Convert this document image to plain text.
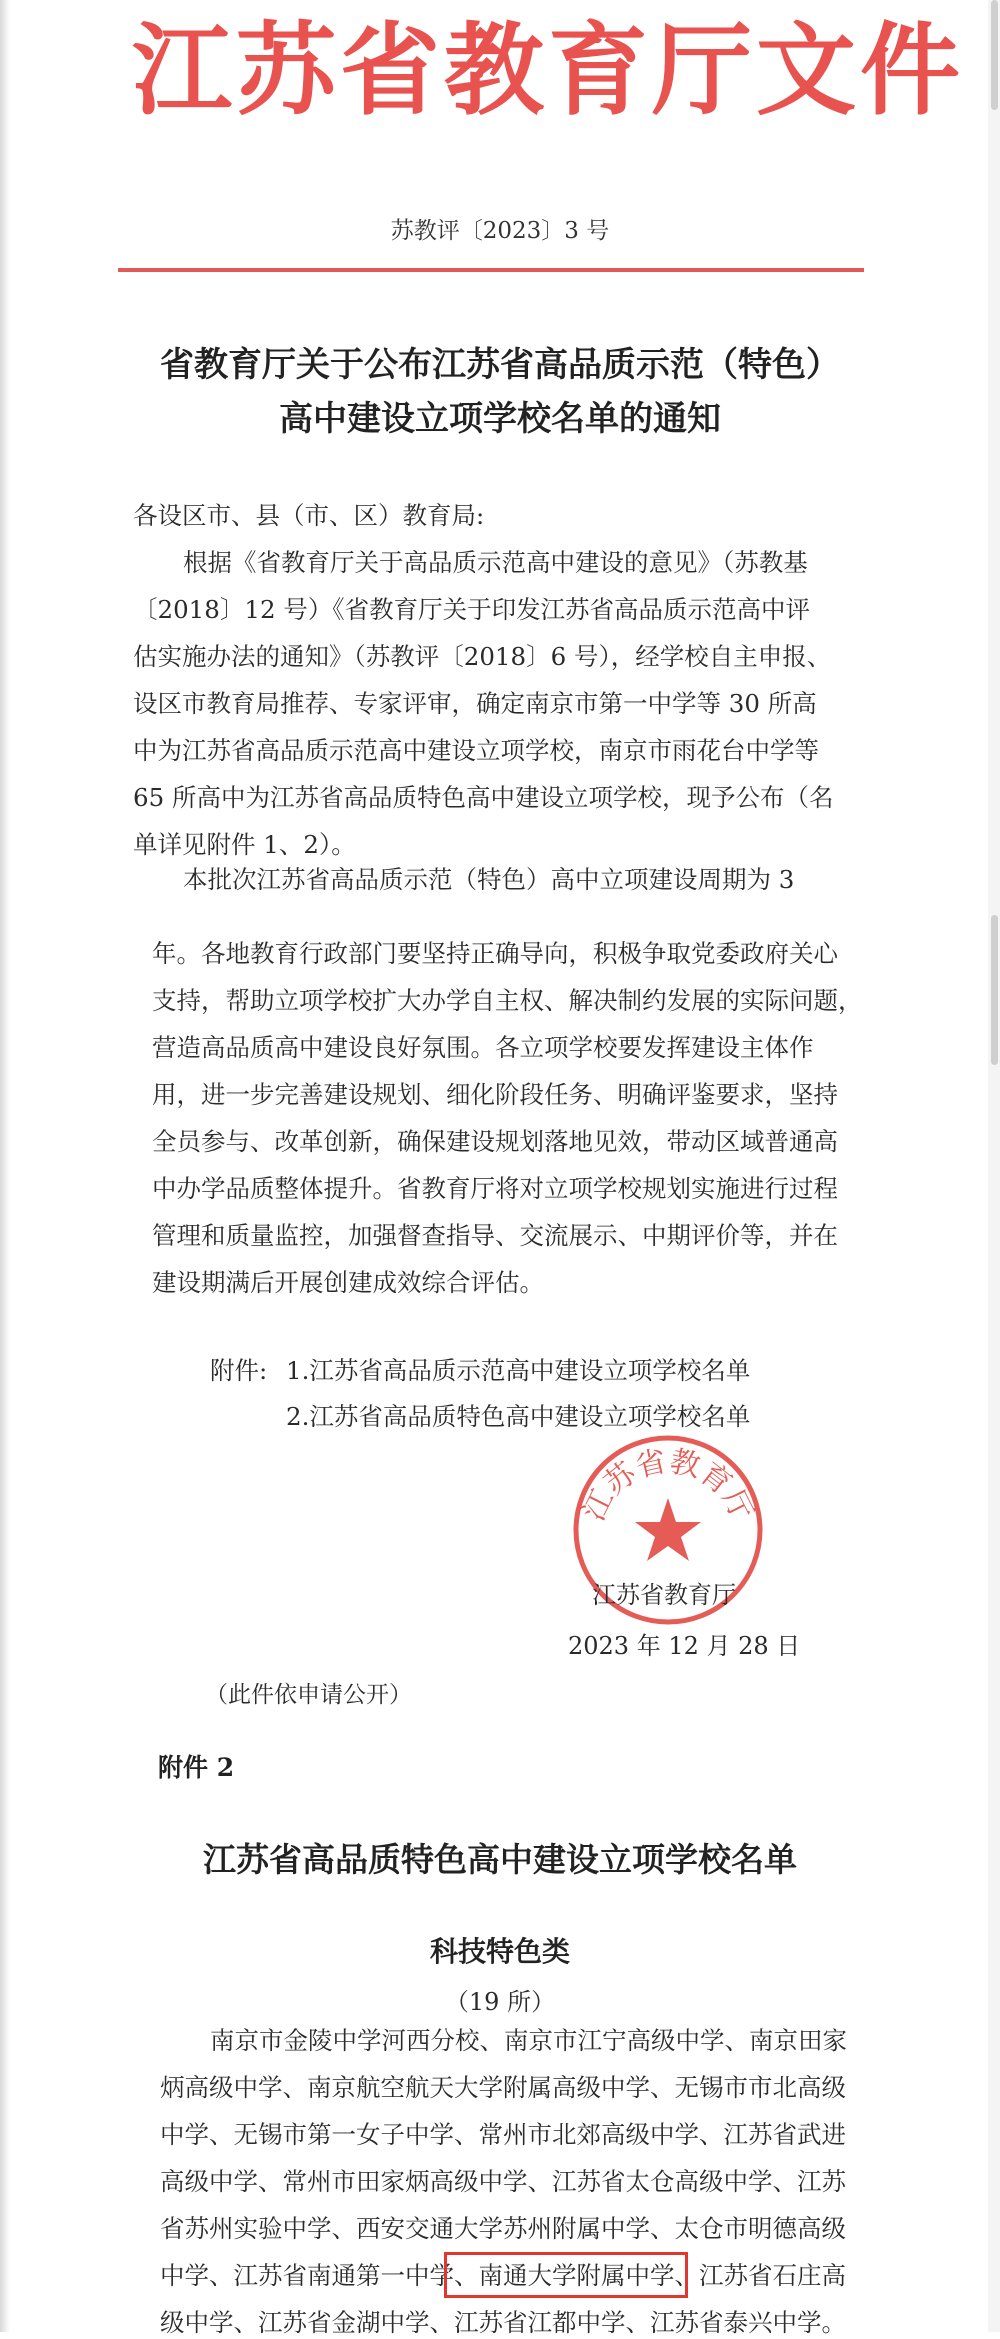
江苏省教育厅文件
苏教评〔2023〕3 号
省教育厅关于公布江苏省高品质示范（特色）
高中建设立项学校名单的通知
各设区市、县（市、区）教育局:
根据《省教育厅关于高品质示范高中建设的意见》（苏教基
〔2018〕12 号）《省教育厅关于印发江苏省高品质示范高中评
估实施办法的通知》（苏教评〔2018〕6 号），经学校自主申报、
设区市教育局推荐、专家评审，确定南京市第一中学等 30 所高
中为江苏省高品质示范高中建设立项学校，南京市雨花台中学等
65 所高中为江苏省高品质特色高中建设立项学校，现予公布（名
单详见附件 1、2）。
本批次江苏省高品质示范（特色）高中立项建设周期为 3
年。各地教育行政部门要坚持正确导向，积极争取党委政府关心
支持，帮助立项学校扩大办学自主权、解决制约发展的实际问题，
营造高品质高中建设良好氛围。各立项学校要发挥建设主体作
用，进一步完善建设规划、细化阶段任务、明确评鉴要求，坚持
全员参与、改革创新，确保建设规划落地见效，带动区域普通高
中办学品质整体提升。省教育厅将对立项学校规划实施进行过程
管理和质量监控，加强督查指导、交流展示、中期评价等，并在
建设期满后开展创建成效综合评估。
附件: 1.江苏省高品质示范高中建设立项学校名单
2.江苏省高品质特色高中建设立项学校名单
江苏省教育厅
江苏省教育厅
2023 年 12 月 28 日
（此件依申请公开）
附件 2
江苏省高品质特色高中建设立项学校名单
科技特色类
（19 所）
南京市金陵中学河西分校、南京市江宁高级中学、南京田家
炳高级中学、南京航空航天大学附属高级中学、无锡市市北高级
中学、无锡市第一女子中学、常州市北郊高级中学、江苏省武进
高级中学、常州市田家炳高级中学、江苏省太仓高级中学、江苏
省苏州实验中学、西安交通大学苏州附属中学、太仓市明德高级
中学、江苏省南通第一中学、南通大学附属中学、江苏省石庄高
级中学、江苏省金湖中学、江苏省江都中学、江苏省泰兴中学。
